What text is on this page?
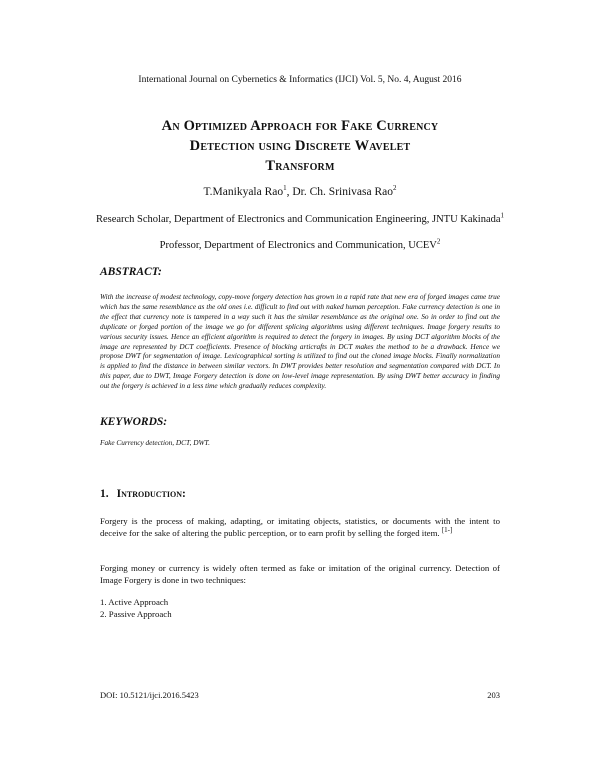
International Journal on Cybernetics & Informatics (IJCI) Vol. 5, No. 4, August 2016
An Optimized Approach for Fake Currency
Detection using Discrete Wavelet
Transform
T.Manikyala Rao$^1$, Dr. Ch. Srinivasa Rao$^2$
Research Scholar, Department of Electronics and Communication Engineering, JNTU Kakinada$^1$
Professor, Department of Electronics and Communication, UCEV$^2$
ABSTRACT:
With the increase of modest technology, copy-move forgery detection has grown in a rapid rate that new era of forged images came true which has the same resemblance as the old ones i.e. difficult to find out with naked human perception. Fake currency detection is one in the effect that currency note is tampered in a way such it has the similar resemblance as the original one. So in order to find out the duplicate or forged portion of the image we go for different splicing algorithms using different techniques. Image forgery results to various security issues. Hence an efficient algorithm is required to detect the forgery in images. By using DCT algorithm blocks of the image are represented by DCT coefficients. Presence of blocking articrafts in DCT makes the method to be a drawback. Hence we propose DWT for segmentation of image. Lexicographical sorting is utilized to find out the cloned image blocks. Finally normalization is applied to find the distance in between similar vectors. In DWT provides better resolution and segmentation compared with DCT. In this paper, due to DWT, Image Forgery detection is done on low-level image representation. By using DWT better accuracy in finding out the forgery is achieved in a less time which gradually reduces complexity.
KEYWORDS:
Fake Currency detection, DCT, DWT.
1. Introduction:
Forgery is the process of making, adapting, or imitating objects, statistics, or documents with the intent to deceive for the sake of altering the public perception, or to earn profit by selling the forged item. [1-]
Forging money or currency is widely often termed as fake or imitation of the original currency. Detection of Image Forgery is done in two techniques:
1. Active Approach
2. Passive Approach
DOI: 10.5121/ijci.2016.5423	203
